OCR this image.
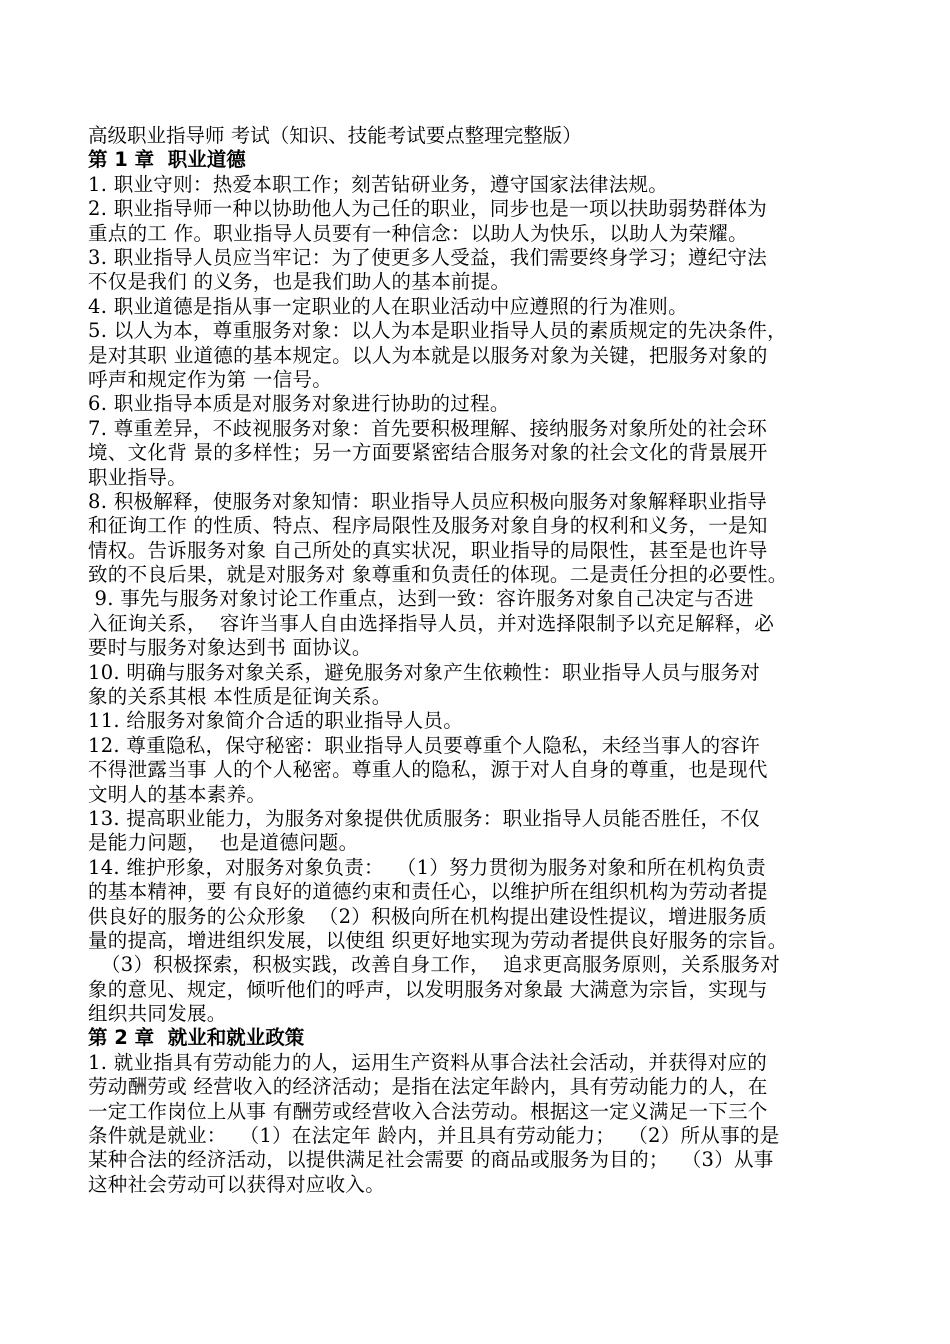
高级职业指导师 考试（知识、技能考试要点整理完整版）
第 1 章  职业道德
1. 职业守则：热爱本职工作；刻苦钻研业务，遵守国家法律法规。
2. 职业指导师一种以协助他人为己任的职业，同步也是一项以扶助弱势群体为
重点的工 作。职业指导人员要有一种信念：以助人为快乐，以助人为荣耀。
3. 职业指导人员应当牢记：为了使更多人受益，我们需要终身学习；遵纪守法
不仅是我们 的义务，也是我们助人的基本前提。
4. 职业道德是指从事一定职业的人在职业活动中应遵照的行为准则。
5. 以人为本，尊重服务对象：以人为本是职业指导人员的素质规定的先决条件，
是对其职 业道德的基本规定。以人为本就是以服务对象为关键，把服务对象的
呼声和规定作为第 一信号。
6. 职业指导本质是对服务对象进行协助的过程。
7. 尊重差异，不歧视服务对象：首先要积极理解、接纳服务对象所处的社会环
境、文化背 景的多样性；另一方面要紧密结合服务对象的社会文化的背景展开
职业指导。
8. 积极解释，使服务对象知情：职业指导人员应积极向服务对象解释职业指导
和征询工作 的性质、特点、程序局限性及服务对象自身的权利和义务，一是知
情权。告诉服务对象 自己所处的真实状况，职业指导的局限性，甚至是也许导
致的不良后果，就是对服务对 象尊重和负责任的体现。二是责任分担的必要性。
9. 事先与服务对象讨论工作重点，达到一致：容许服务对象自己决定与否进
入征询关系，  容许当事人自由选择指导人员，并对选择限制予以充足解释，必
要时与服务对象达到书 面协议。
10. 明确与服务对象关系，避免服务对象产生依赖性：职业指导人员与服务对
象的关系其根 本性质是征询关系。
11. 给服务对象简介合适的职业指导人员。
12. 尊重隐私，保守秘密：职业指导人员要尊重个人隐私，未经当事人的容许
不得泄露当事 人的个人秘密。尊重人的隐私，源于对人自身的尊重，也是现代
文明人的基本素养。
13. 提高职业能力，为服务对象提供优质服务：职业指导人员能否胜任，不仅
是能力问题，  也是道德问题。
14. 维护形象，对服务对象负责：  （1）努力贯彻为服务对象和所在机构负责
的基本精神，要 有良好的道德约束和责任心，以维护所在组织机构为劳动者提
供良好的服务的公众形象  （2）积极向所在机构提出建设性提议，增进服务质
量的提高，增进组织发展，以使组 织更好地实现为劳动者提供良好服务的宗旨。
（3）积极探索，积极实践，改善自身工作，  追求更高服务原则，关系服务对
象的意见、规定，倾听他们的呼声，以发明服务对象最 大满意为宗旨，实现与
组织共同发展。
第 2 章  就业和就业政策
1. 就业指具有劳动能力的人，运用生产资料从事合法社会活动，并获得对应的
劳动酬劳或 经营收入的经济活动；是指在法定年龄内，具有劳动能力的人，在
一定工作岗位上从事 有酬劳或经营收入合法劳动。根据这一定义满足一下三个
条件就是就业：  （1）在法定年 龄内，并且具有劳动能力；  （2）所从事的是
某种合法的经济活动，以提供满足社会需要 的商品或服务为目的；  （3）从事
这种社会劳动可以获得对应收入。
